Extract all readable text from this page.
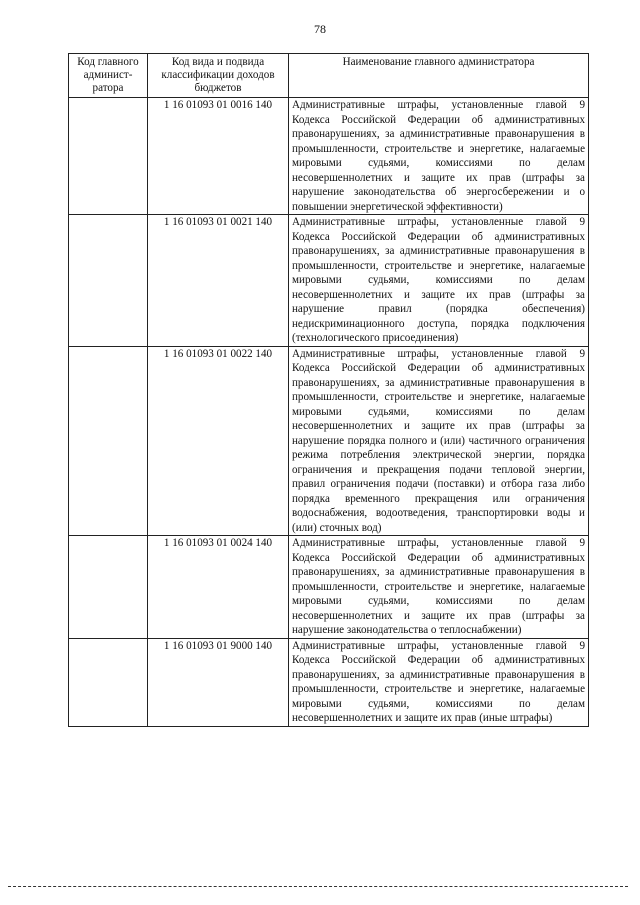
78
Код главного админист-ратора	Код вида и подвида классификации доходов бюджетов	Наименование главного администратора
	1 16 01093 01 0016 140	Административные штрафы, установленные главой 9 Кодекса Российской Федерации об административных правонарушениях, за административные правонарушения в промышленности, строительстве и энергетике, налагаемые мировыми судьями, комиссиями по делам несовершеннолетних и защите их прав (штрафы за нарушение законодательства об энергосбережении и о повышении энергетической эффективности)
	1 16 01093 01 0021 140	Административные штрафы, установленные главой 9 Кодекса Российской Федерации об административных правонарушениях, за административные правонарушения в промышленности, строительстве и энергетике, налагаемые мировыми судьями, комиссиями по делам несовершеннолетних и защите их прав (штрафы за нарушение правил (порядка обеспечения) недискриминационного доступа, порядка подключения (технологического присоединения)
	1 16 01093 01 0022 140	Административные штрафы, установленные главой 9 Кодекса Российской Федерации об административных правонарушениях, за административные правонарушения в промышленности, строительстве и энергетике, налагаемые мировыми судьями, комиссиями по делам несовершеннолетних и защите их прав (штрафы за нарушение порядка полного и (или) частичного ограничения режима потребления электрической энергии, порядка ограничения и прекращения подачи тепловой энергии, правил ограничения подачи (поставки) и отбора газа либо порядка временного прекращения или ограничения водоснабжения, водоотведения, транспортировки воды и (или) сточных вод)
	1 16 01093 01 0024 140	Административные штрафы, установленные главой 9 Кодекса Российской Федерации об административных правонарушениях, за административные правонарушения в промышленности, строительстве и энергетике, налагаемые мировыми судьями, комиссиями по делам несовершеннолетних и защите их прав (штрафы за нарушение законодательства о теплоснабжении)
	1 16 01093 01 9000 140	Административные штрафы, установленные главой 9 Кодекса Российской Федерации об административных правонарушениях, за административные правонарушения в промышленности, строительстве и энергетике, налагаемые мировыми судьями, комиссиями по делам несовершеннолетних и защите их прав (иные штрафы)
